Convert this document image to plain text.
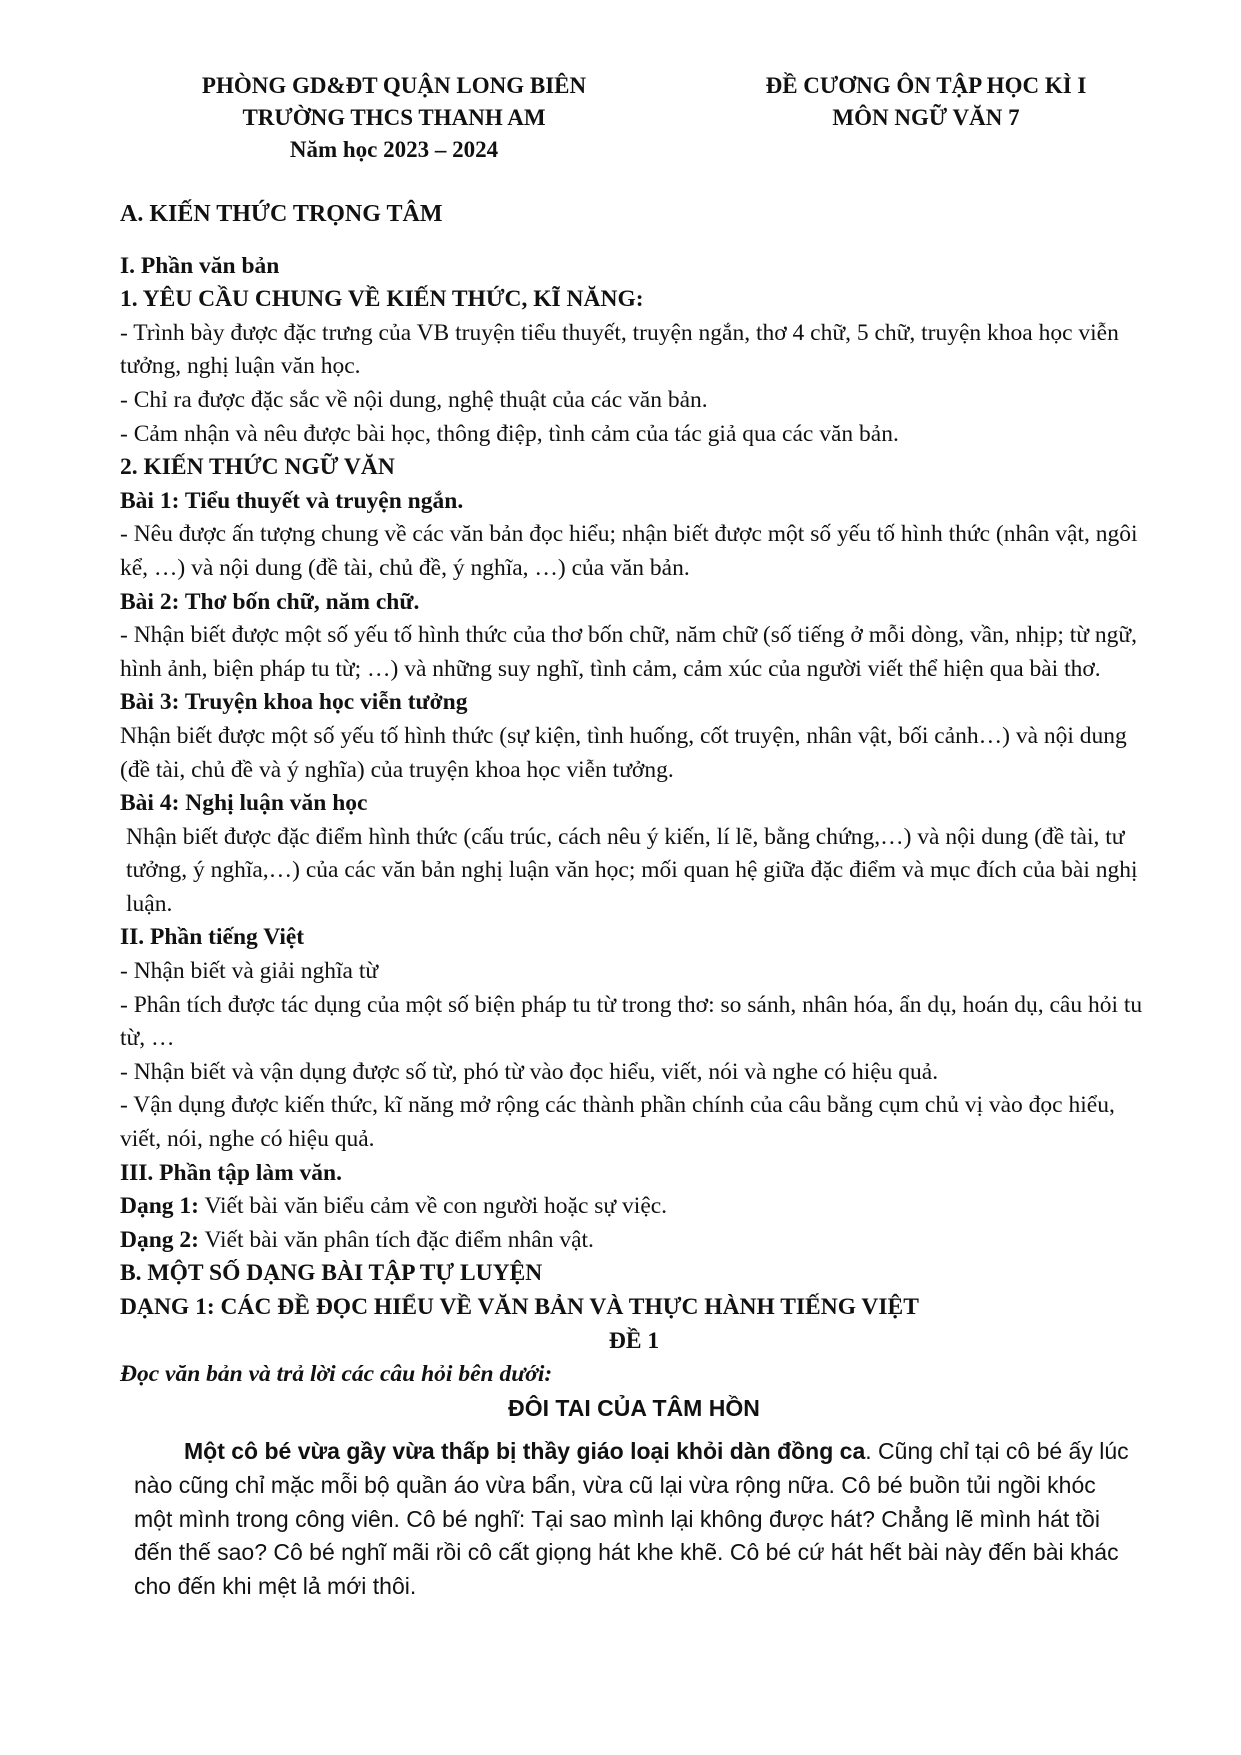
PHÒNG GD&ĐT QUẬN LONG BIÊN
TRƯỜNG THCS THANH AM
Năm học 2023 – 2024
ĐỀ CƯƠNG ÔN TẬP HỌC KÌ I
MÔN NGỮ VĂN 7

A. KIẾN THỨC TRỌNG TÂM

I. Phần văn bản

1. YÊU CẦU CHUNG VỀ KIẾN THỨC, KĨ NĂNG:

- Trình bày được đặc trưng của VB truyện tiểu thuyết, truyện ngắn, thơ 4 chữ, 5 chữ, truyện khoa học viễn tưởng, nghị luận văn học.

- Chỉ ra được đặc sắc về nội dung, nghệ thuật của các văn bản.

- Cảm nhận và nêu được bài học, thông điệp, tình cảm của tác giả qua các văn bản.

2. KIẾN THỨC NGỮ VĂN

Bài 1: Tiểu thuyết và truyện ngắn.

- Nêu được ấn tượng chung về các văn bản đọc hiểu; nhận biết được một số yếu tố hình thức (nhân vật, ngôi kể, …) và nội dung (đề tài, chủ đề, ý nghĩa, …) của văn bản.

Bài 2: Thơ bốn chữ, năm chữ.

- Nhận biết được một số yếu tố hình thức của thơ bốn chữ, năm chữ (số tiếng ở mỗi dòng, vần, nhịp; từ ngữ, hình ảnh, biện pháp tu từ; …) và những suy nghĩ, tình cảm, cảm xúc của người viết thể hiện qua bài thơ.

Bài 3: Truyện khoa học viễn tưởng

Nhận biết được một số yếu tố hình thức (sự kiện, tình huống, cốt truyện, nhân vật, bối cảnh…) và nội dung (đề tài, chủ đề và ý nghĩa) của truyện khoa học viễn tưởng.

Bài 4: Nghị luận văn học

Nhận biết được đặc điểm hình thức (cấu trúc, cách nêu ý kiến, lí lẽ, bằng chứng,…) và nội dung (đề tài, tư tưởng, ý nghĩa,…) của các văn bản nghị luận văn học; mối quan hệ giữa đặc điểm và mục đích của bài nghị luận.

II. Phần tiếng Việt

- Nhận biết và giải nghĩa từ

- Phân tích được tác dụng của một số biện pháp tu từ trong thơ: so sánh, nhân hóa, ẩn dụ, hoán dụ, câu hỏi tu từ, …

- Nhận biết và vận dụng được số từ, phó từ vào đọc hiểu, viết, nói và nghe có hiệu quả.

- Vận dụng được kiến thức, kĩ năng mở rộng các thành phần chính của câu bằng cụm chủ vị vào đọc hiểu, viết, nói, nghe có hiệu quả.

III. Phần tập làm văn.

Dạng 1: Viết bài văn biểu cảm về con người hoặc sự việc.

Dạng 2: Viết bài văn phân tích đặc điểm nhân vật.

B. MỘT SỐ DẠNG BÀI TẬP TỰ LUYỆN

DẠNG 1: CÁC ĐỀ ĐỌC HIỂU VỀ VĂN BẢN VÀ THỰC HÀNH TIẾNG VIỆT

ĐỀ 1

Đọc văn bản và trả lời các câu hỏi bên dưới:

ĐÔI TAI CỦA TÂM HỒN

Một cô bé vừa gầy vừa thấp bị thầy giáo loại khỏi dàn đồng ca. Cũng chỉ tại cô bé ấy lúc nào cũng chỉ mặc mỗi bộ quần áo vừa bẩn, vừa cũ lại vừa rộng nữa. Cô bé buồn tủi ngồi khóc một mình trong công viên. Cô bé nghĩ: Tại sao mình lại không được hát? Chẳng lẽ mình hát tồi đến thế sao? Cô bé nghĩ mãi rồi cô cất giọng hát khe khẽ. Cô bé cứ hát hết bài này đến bài khác cho đến khi mệt lả mới thôi.
